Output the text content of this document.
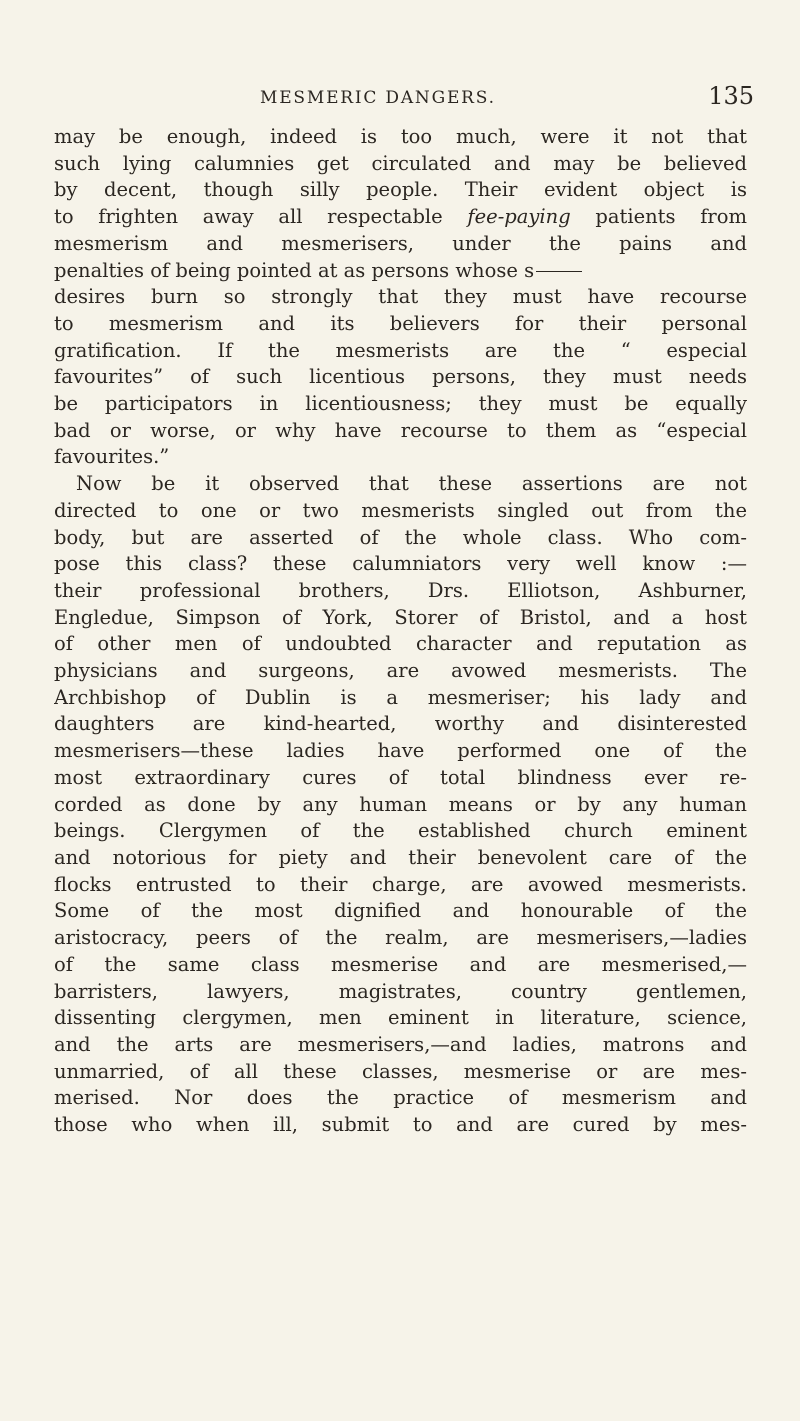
MESMERIC DANGERS.	135
may be enough, indeed is too much, were it not that
such lying calumnies get circulated and may be believed
by decent, though silly people. Their evident object is
to frighten away all respectable fee-paying patients from
mesmerism and mesmerisers, under the pains and
penalties of being pointed at as persons whose s
desires burn so strongly that they must have recourse
to mesmerism and its believers for their personal
gratification. If the mesmerists are the “ especial
favourites” of such licentious persons, they must needs
be participators in licentiousness; they must be equally
bad or worse, or why have recourse to them as “especial
favourites.”
Now be it observed that these assertions are not
directed to one or two mesmerists singled out from the
body, but are asserted of the whole class. Who com-
pose this class? these calumniators very well know :—
their professional brothers, Drs. Elliotson, Ashburner,
Engledue, Simpson of York, Storer of Bristol, and a host
of other men of undoubted character and reputation as
physicians and surgeons, are avowed mesmerists. The
Archbishop of Dublin is a mesmeriser; his lady and
daughters are kind-hearted, worthy and disinterested
mesmerisers—these ladies have performed one of the
most extraordinary cures of total blindness ever re-
corded as done by any human means or by any human
beings. Clergymen of the established church eminent
and notorious for piety and their benevolent care of the
flocks entrusted to their charge, are avowed mesmerists.
Some of the most dignified and honourable of the
aristocracy, peers of the realm, are mesmerisers,—ladies
of the same class mesmerise and are mesmerised,—
barristers, lawyers, magistrates, country gentlemen,
dissenting clergymen, men eminent in literature, science,
and the arts are mesmerisers,—and ladies, matrons and
unmarried, of all these classes, mesmerise or are mes-
merised. Nor does the practice of mesmerism and
those who when ill, submit to and are cured by mes-
